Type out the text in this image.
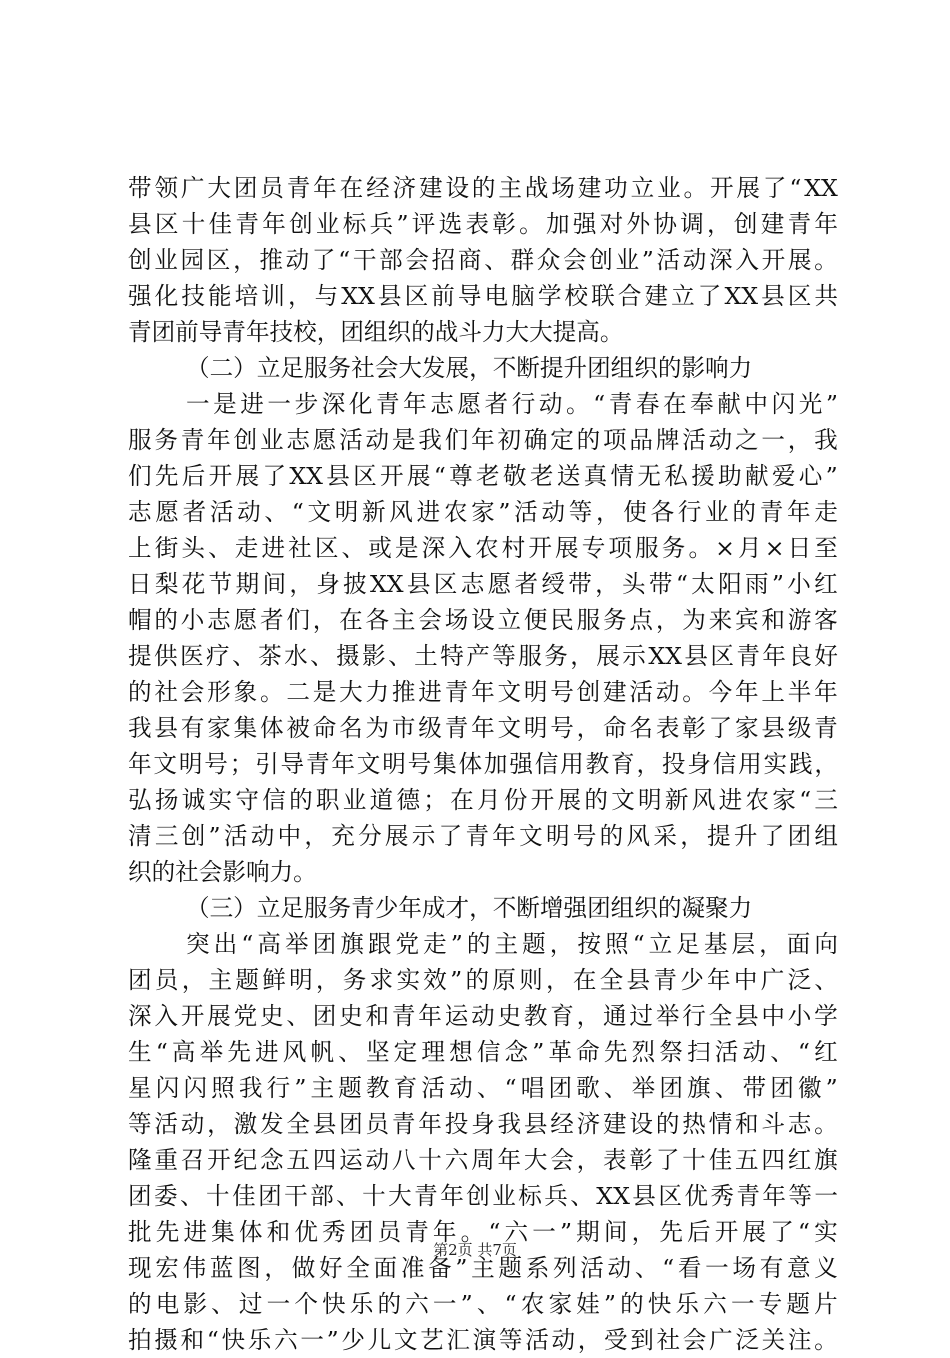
带 领 广 大 团 员 青 年 在 经 济 建 设 的 主 战 场 建 功 立 业 。 开 展 了 “ XX
县 区 十 佳 青 年 创 业 标 兵 ” 评 选 表 彰 。 加 强 对 外 协 调 ， 创 建 青 年
创 业 园 区 ， 推 动 了 “ 干 部 会 招 商 、 群 众 会 创 业 ” 活 动 深 入 开 展 。
强 化 技 能 培 训 ， 与 XX 县 区 前 导 电 脑 学 校 联 合 建 立 了 XX 县 区 共
青团前导青年技校，团组织的战斗力大大提高。
（二）立足服务社会大发展，不断提升团组织的影响力
一 是 进 一 步 深 化 青 年 志 愿 者 行 动 。 “ 青 春 在 奉 献 中 闪 光 ”
服 务 青 年 创 业 志 愿 活 动 是 我 们 年 初 确 定 的 项 品 牌 活 动 之 一 ， 我
们 先 后 开 展 了 XX 县 区 开 展 “ 尊 老 敬 老 送 真 情 无 私 援 助 献 爱 心 ”
志 愿 者 活 动 、 “ 文 明 新 风 进 农 家 ” 活 动 等 ， 使 各 行 业 的 青 年 走
上 街 头 、 走 进 社 区 、 或 是 深 入 农 村 开 展 专 项 服 务 。 × 月 × 日 至
日 梨 花 节 期 间 ， 身 披 XX 县 区 志 愿 者 绶 带 ， 头 带 “ 太 阳 雨 ” 小 红
帽 的 小 志 愿 者 们 ， 在 各 主 会 场 设 立 便 民 服 务 点 ， 为 来 宾 和 游 客
提 供 医 疗 、 茶 水 、 摄 影 、 土 特 产 等 服 务 ， 展 示 XX 县 区 青 年 良 好
的 社 会 形 象 。 二 是 大 力 推 进 青 年 文 明 号 创 建 活 动 。 今 年 上 半 年
我 县 有 家 集 体 被 命 名 为 市 级 青 年 文 明 号 ， 命 名 表 彰 了 家 县 级 青
年 文 明 号 ； 引 导 青 年 文 明 号 集 体 加 强 信 用 教 育 ， 投 身 信 用 实 践 ，
弘 扬 诚 实 守 信 的 职 业 道 德 ； 在 月 份 开 展 的 文 明 新 风 进 农 家 “ 三
清 三 创 ” 活 动 中 ， 充 分 展 示 了 青 年 文 明 号 的 风 采 ， 提 升 了 团 组
织的社会影响力。
（三）立足服务青少年成才，不断增强团组织的凝聚力
突 出 “ 高 举 团 旗 跟 党 走 ” 的 主 题 ， 按 照 “ 立 足 基 层 ， 面 向
团 员 ， 主 题 鲜 明 ， 务 求 实 效 ” 的 原 则 ， 在 全 县 青 少 年 中 广 泛 、
深 入 开 展 党 史 、 团 史 和 青 年 运 动 史 教 育 ， 通 过 举 行 全 县 中 小 学
生 “ 高 举 先 进 风 帆 、 坚 定 理 想 信 念 ” 革 命 先 烈 祭 扫 活 动 、 “ 红
星 闪 闪 照 我 行 ” 主 题 教 育 活 动 、 “ 唱 团 歌 、 举 团 旗 、 带 团 徽 ”
等 活 动 ， 激 发 全 县 团 员 青 年 投 身 我 县 经 济 建 设 的 热 情 和 斗 志 。
隆 重 召 开 纪 念 五 四 运 动 八 十 六 周 年 大 会 ， 表 彰 了 十 佳 五 四 红 旗
团 委 、 十 佳 团 干 部 、 十 大 青 年 创 业 标 兵 、 XX 县 区 优 秀 青 年 等 一
批 先 进 集 体 和 优 秀 团 员 青 年 。 “ 六 一 ” 期 间 ， 先 后 开 展 了 “ 实
现 宏 伟 蓝 图 ， 做 好 全 面 准 备 ” 主 题 系 列 活 动 、 “ 看 一 场 有 意 义
的 电 影 、 过 一 个 快 乐 的 六 一 ” 、 “ 农 家 娃 ” 的 快 乐 六 一 专 题 片
拍 摄 和 “ 快 乐 六 一 ” 少 儿 文 艺 汇 演 等 活 动 ， 受 到 社 会 广 泛 关 注 。
第2页 共7页
